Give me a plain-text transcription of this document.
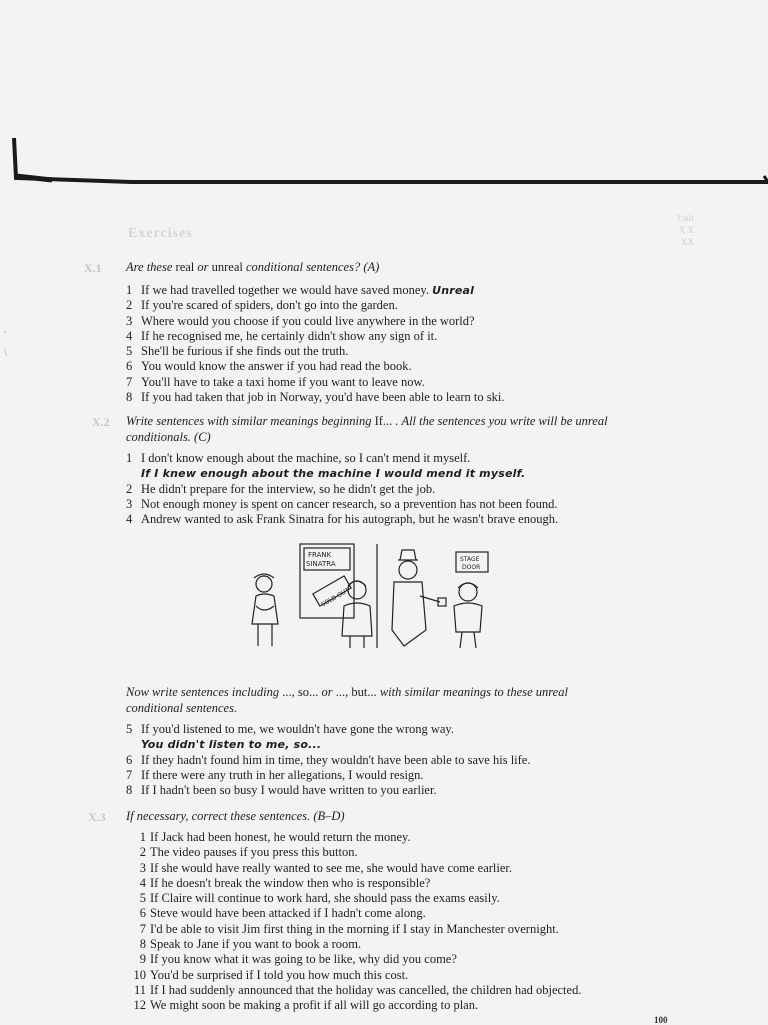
Exercises
Unit
X X
XX
'
\
X.1 Are these real or unreal conditional sentences? (A)
1 If we had travelled together we would have saved money. Unreal
2 If you're scared of spiders, don't go into the garden.
3 Where would you choose if you could live anywhere in the world?
4 If he recognised me, he certainly didn't show any sign of it.
5 She'll be furious if she finds out the truth.
6 You would know the answer if you had read the book.
7 You'll have to take a taxi home if you want to leave now.
8 If you had taken that job in Norway, you'd have been able to learn to ski.
X.2 Write sentences with similar meanings beginning If... . All the sentences you write will be unreal conditionals. (C)
1 I don't know enough about the machine, so I can't mend it myself.
If I knew enough about the machine I would mend it myself.
2 He didn't prepare for the interview, so he didn't get the job.
3 Not enough money is spent on cancer research, so a prevention has not been found.
4 Andrew wanted to ask Frank Sinatra for his autograph, but he wasn't brave enough.
FRANK
SINATRA
SOLD OUT
STAGE
DOOR
Now write sentences including ..., so... or ..., but... with similar meanings to these unreal conditional sentences.
5 If you'd listened to me, we wouldn't have gone the wrong way.
You didn't listen to me, so...
6 If they hadn't found him in time, they wouldn't have been able to save his life.
7 If there were any truth in her allegations, I would resign.
8 If I hadn't been so busy I would have written to you earlier.
X.3 If necessary, correct these sentences. (B–D)
1 If Jack had been honest, he would return the money.
2 The video pauses if you press this button.
3 If she would have really wanted to see me, she would have come earlier.
4 If he doesn't break the window then who is responsible?
5 If Claire will continue to work hard, she should pass the exams easily.
6 Steve would have been attacked if I hadn't come along.
7 I'd be able to visit Jim first thing in the morning if I stay in Manchester overnight.
8 Speak to Jane if you want to book a room.
9 If you know what it was going to be like, why did you come?
10 You'd be surprised if I told you how much this cost.
11 If I had suddenly announced that the holiday was cancelled, the children had objected.
12 We might soon be making a profit if all will go according to plan.
100
